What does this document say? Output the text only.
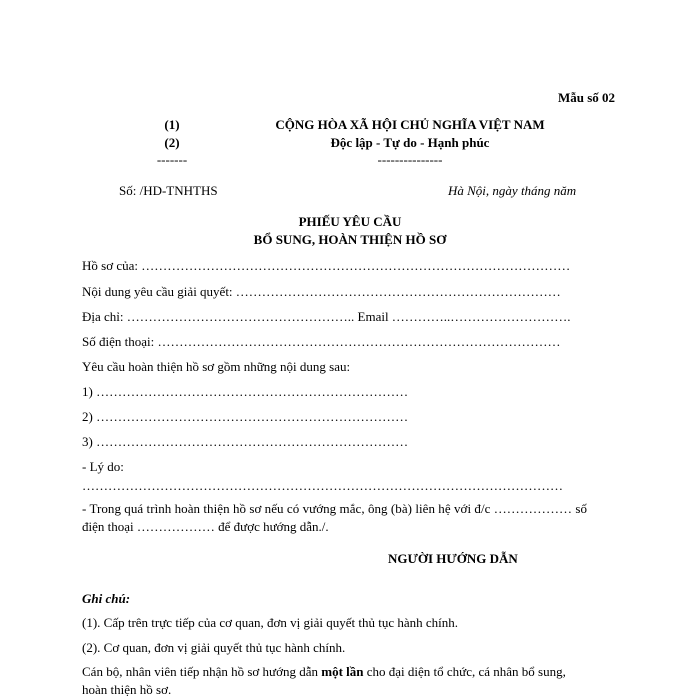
Mẫu số 02
(1)
(2)
-------
CỘNG HÒA XÃ HỘI CHỦ NGHĨA VIỆT NAM
Độc lập - Tự do - Hạnh phúc
---------------
Số: /HD-TNHTHS	Hà Nội, ngày tháng năm
PHIẾU YÊU CẦU
BỔ SUNG, HOÀN THIỆN HỒ SƠ
Hồ sơ của: ………………………………………………………………………………………
Nội dung yêu cầu giải quyết: …………………………………………………………………
Địa chỉ: …………………………………………….. Email …………..……………………….
Số điện thoại: …………………………………………………………………………………
Yêu cầu hoàn thiện hồ sơ gồm những nội dung sau:
1) ………………………………………………………………
2) ………………………………………………………………
3) ………………………………………………………………
- Lý do:
…………………………………………………………………………………………………
- Trong quá trình hoàn thiện hồ sơ nếu có vướng mắc, ông (bà) liên hệ với đ/c ……………… số
điện thoại ……………… để được hướng dẫn./.
NGƯỜI HƯỚNG DẪN
Ghi chú:
(1). Cấp trên trực tiếp của cơ quan, đơn vị giải quyết thủ tục hành chính.
(2). Cơ quan, đơn vị giải quyết thủ tục hành chính.
Cán bộ, nhân viên tiếp nhận hồ sơ hướng dẫn một lần cho đại diện tổ chức, cá nhân bổ sung,
hoàn thiện hồ sơ.
